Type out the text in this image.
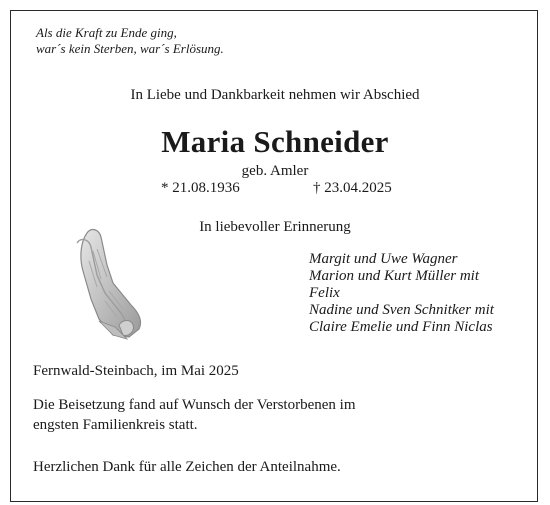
Als die Kraft zu Ende ging,
war´s kein Sterben, war´s Erlösung.
In Liebe und Dankbarkeit nehmen wir Abschied
Maria Schneider
geb. Amler
* 21.08.1936	† 23.04.2025
In liebevoller Erinnerung
Margit und Uwe Wagner
Marion und Kurt Müller mit
Felix
Nadine und Sven Schnitker mit
Claire Emelie und Finn Niclas
Fernwald-Steinbach, im Mai 2025
Die Beisetzung fand auf Wunsch der Verstorbenen im
engsten Familienkreis statt.
Herzlichen Dank für alle Zeichen der Anteilnahme.
